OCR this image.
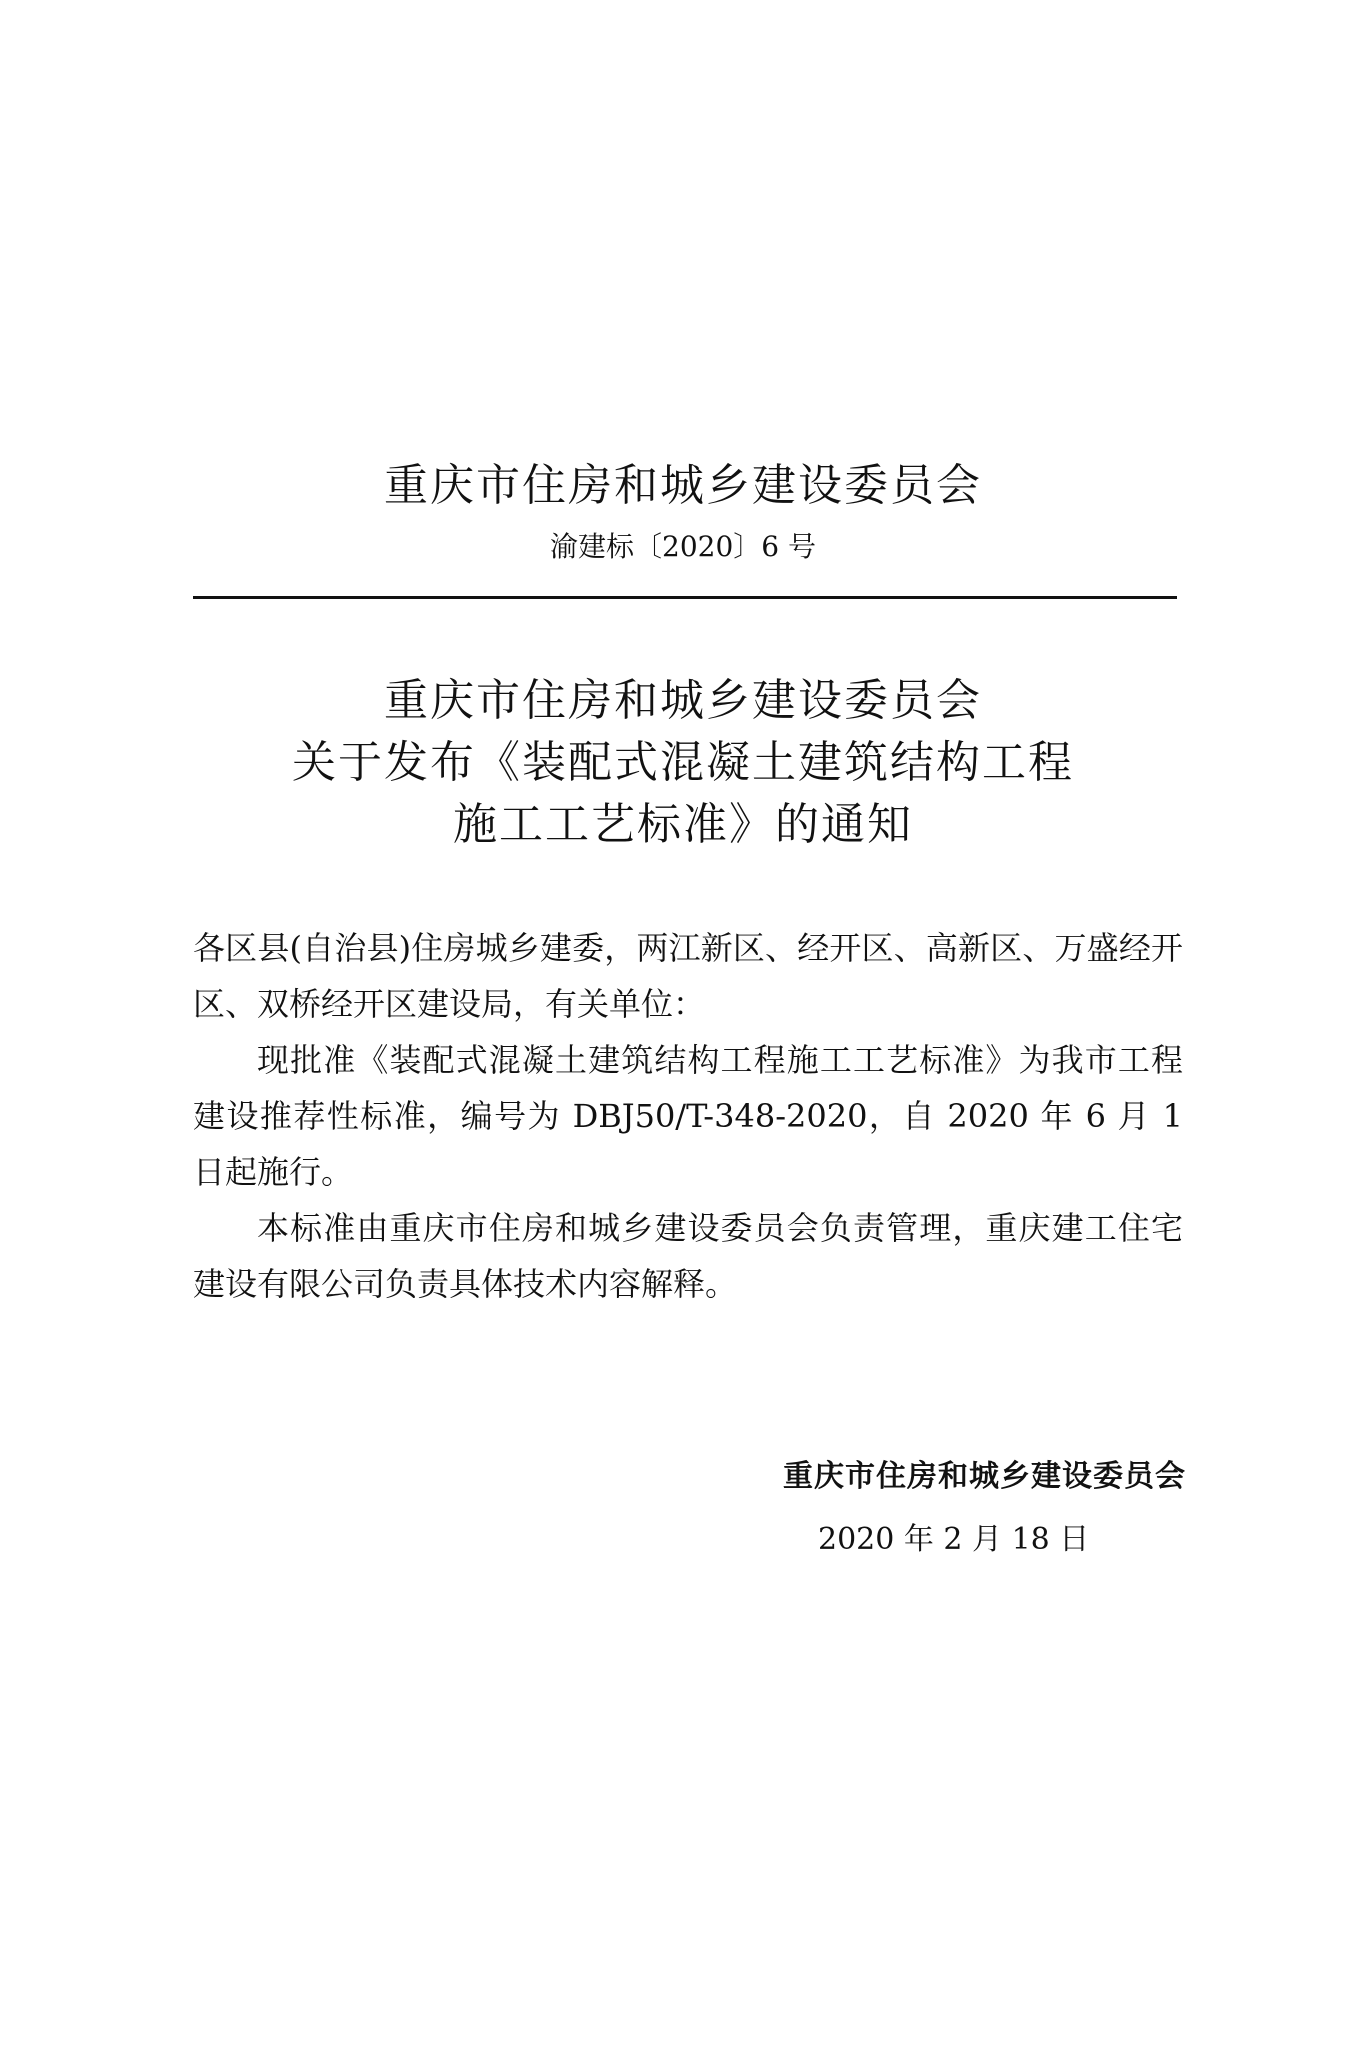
重庆市住房和城乡建设委员会
渝建标〔2020〕6 号
重庆市住房和城乡建设委员会
关于发布《装配式混凝土建筑结构工程
施工工艺标准》的通知

各区县(自治县)住房城乡建委，两江新区、经开区、高新区、万盛经开区、双桥经开区建设局，有关单位：

现批准《装配式混凝土建筑结构工程施工工艺标准》为我市工程建设推荐性标准，编号为 DBJ50/T-348-2020，自 2020 年 6 月 1 日起施行。

本标准由重庆市住房和城乡建设委员会负责管理，重庆建工住宅建设有限公司负责具体技术内容解释。

重庆市住房和城乡建设委员会
2020 年 2 月 18 日
